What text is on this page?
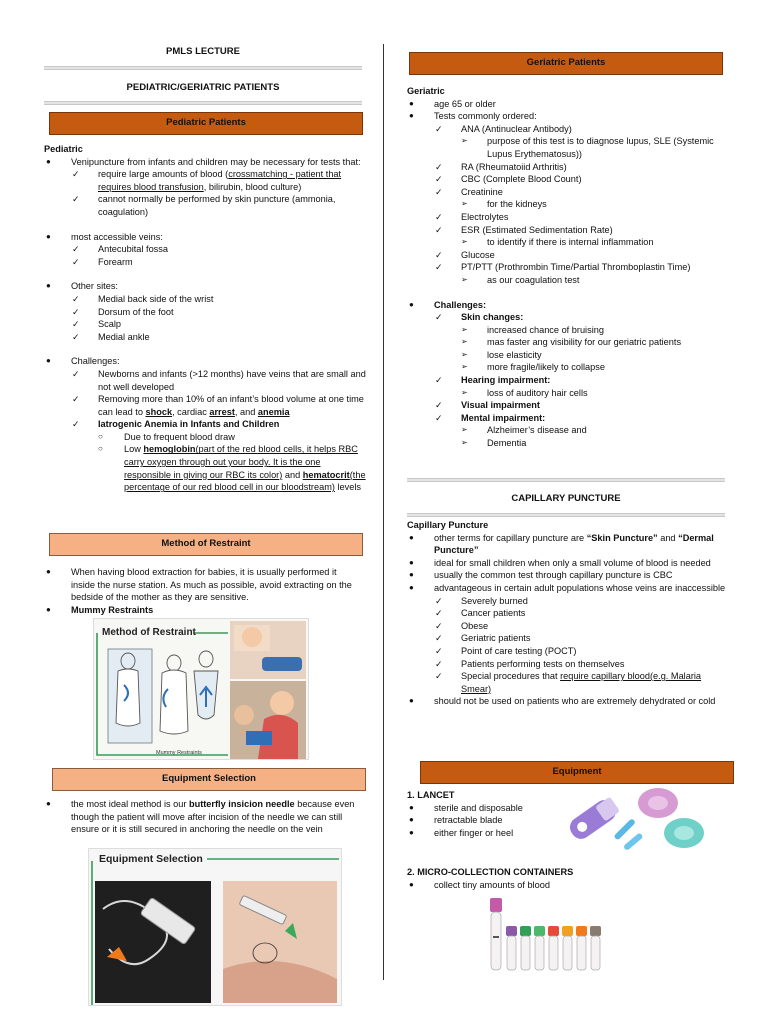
PMLS LECTURE
PEDIATRIC/GERIATRIC PATIENTS
Pediatric Patients
Pediatric
● Venipuncture from infants and children may be necessary for tests that:
✓ require large amounts of blood (crossmatching - patient that requires blood transfusion, bilirubin, blood culture)
✓ cannot normally be performed by skin puncture (ammonia, coagulation)
● most accessible veins:
✓ Antecubital fossa
✓ Forearm
● Other sites:
✓ Medial back side of the wrist
✓ Dorsum of the foot
✓ Scalp
✓ Medial ankle
● Challenges:
✓ Newborns and infants (>12 months) have veins that are small and not well developed
✓ Removing more than 10% of an infant’s blood volume at one time can lead to shock, cardiac arrest, and anemia
✓ Iatrogenic Anemia in Infants and Children
○ Due to frequent blood draw
○ Low hemoglobin(part of the red blood cells, it helps RBC carry oxygen through out your body. It is the one responsible in giving our RBC its color) and hematocrit(the percentage of our red blood cell in our bloodstream) levels
Method of Restraint
● When having blood extraction for babies, it is usually performed it inside the nurse station. As much as possible, avoid extracting on the bedside of the mother as they are sensitive.
● Mummy Restraints
Method of Restraint
Mummy Restraints
Equipment Selection
● the most ideal method is our butterfly insicion needle because even though the patient will move after incision of the needle we can still ensure or it is still secured in anchoring the needle on the vein
Equipment Selection
Geriatric Patients
Geriatric
● age 65 or older
● Tests commonly ordered:
✓ ANA (Antinuclear Antibody)
➢ purpose of this test is to diagnose lupus, SLE (Systemic Lupus Erythematosus))
✓ RA (Rheumatoiid Arthritis)
✓ CBC (Complete Blood Count)
✓ Creatinine
➢ for the kidneys
✓ Electrolytes
✓ ESR (Estimated Sedimentation Rate)
➢ to identify if there is internal inflammation
✓ Glucose
✓ PT/PTT (Prothrombin Time/Partial Thromboplastin Time)
➢ as our coagulation test
● Challenges:
✓ Skin changes:
➢ increased chance of bruising
➢ mas faster ang visibility for our geriatric patients
➢ lose elasticity
➢ more fragile/likely to collapse
✓ Hearing impairment:
➢ loss of auditory hair cells
✓ Visual impairment
✓ Mental impairment:
➢ Alzheimer’s disease and
➢ Dementia
CAPILLARY PUNCTURE
Capillary Puncture
● other terms for capillary puncture are “Skin Puncture” and “Dermal Puncture”
● ideal for small children when only a small volume of blood is needed
● usually the common test through capillary puncture is CBC
● advantageous in certain adult populations whose veins are inaccessible
✓ Severely burned
✓ Cancer patients
✓ Obese
✓ Geriatric patients
✓ Point of care testing (POCT)
✓ Patients performing tests on themselves
✓ Special procedures that require capillary blood(e.g. Malaria Smear)
● should not be used on patients who are extremely dehydrated or cold
Equipment
1. LANCET
● sterile and disposable
● retractable blade
● either finger or heel
2. MICRO-COLLECTION CONTAINERS
● collect tiny amounts of blood
